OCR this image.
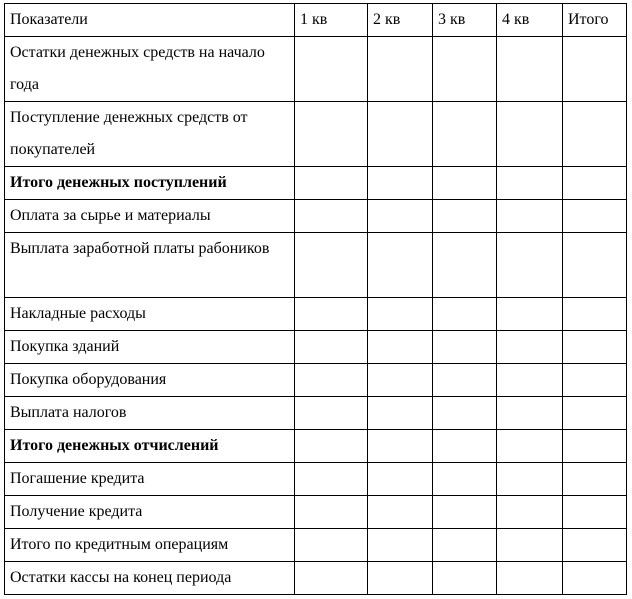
Показатели	1 кв	2 кв	3 кв	4 кв	Итого
Остатки денежных средств на начало года					
Поступление денежных средств от покупателей					
Итого денежных поступлений					
Оплата за сырье и материалы					
Выплата заработной платы рабоников					
Накладные расходы					
Покупка зданий					
Покупка оборудования					
Выплата налогов					
Итого денежных отчислений					
Погашение кредита					
Получение кредита					
Итого по кредитным операциям					
Остатки кассы на конец периода					
